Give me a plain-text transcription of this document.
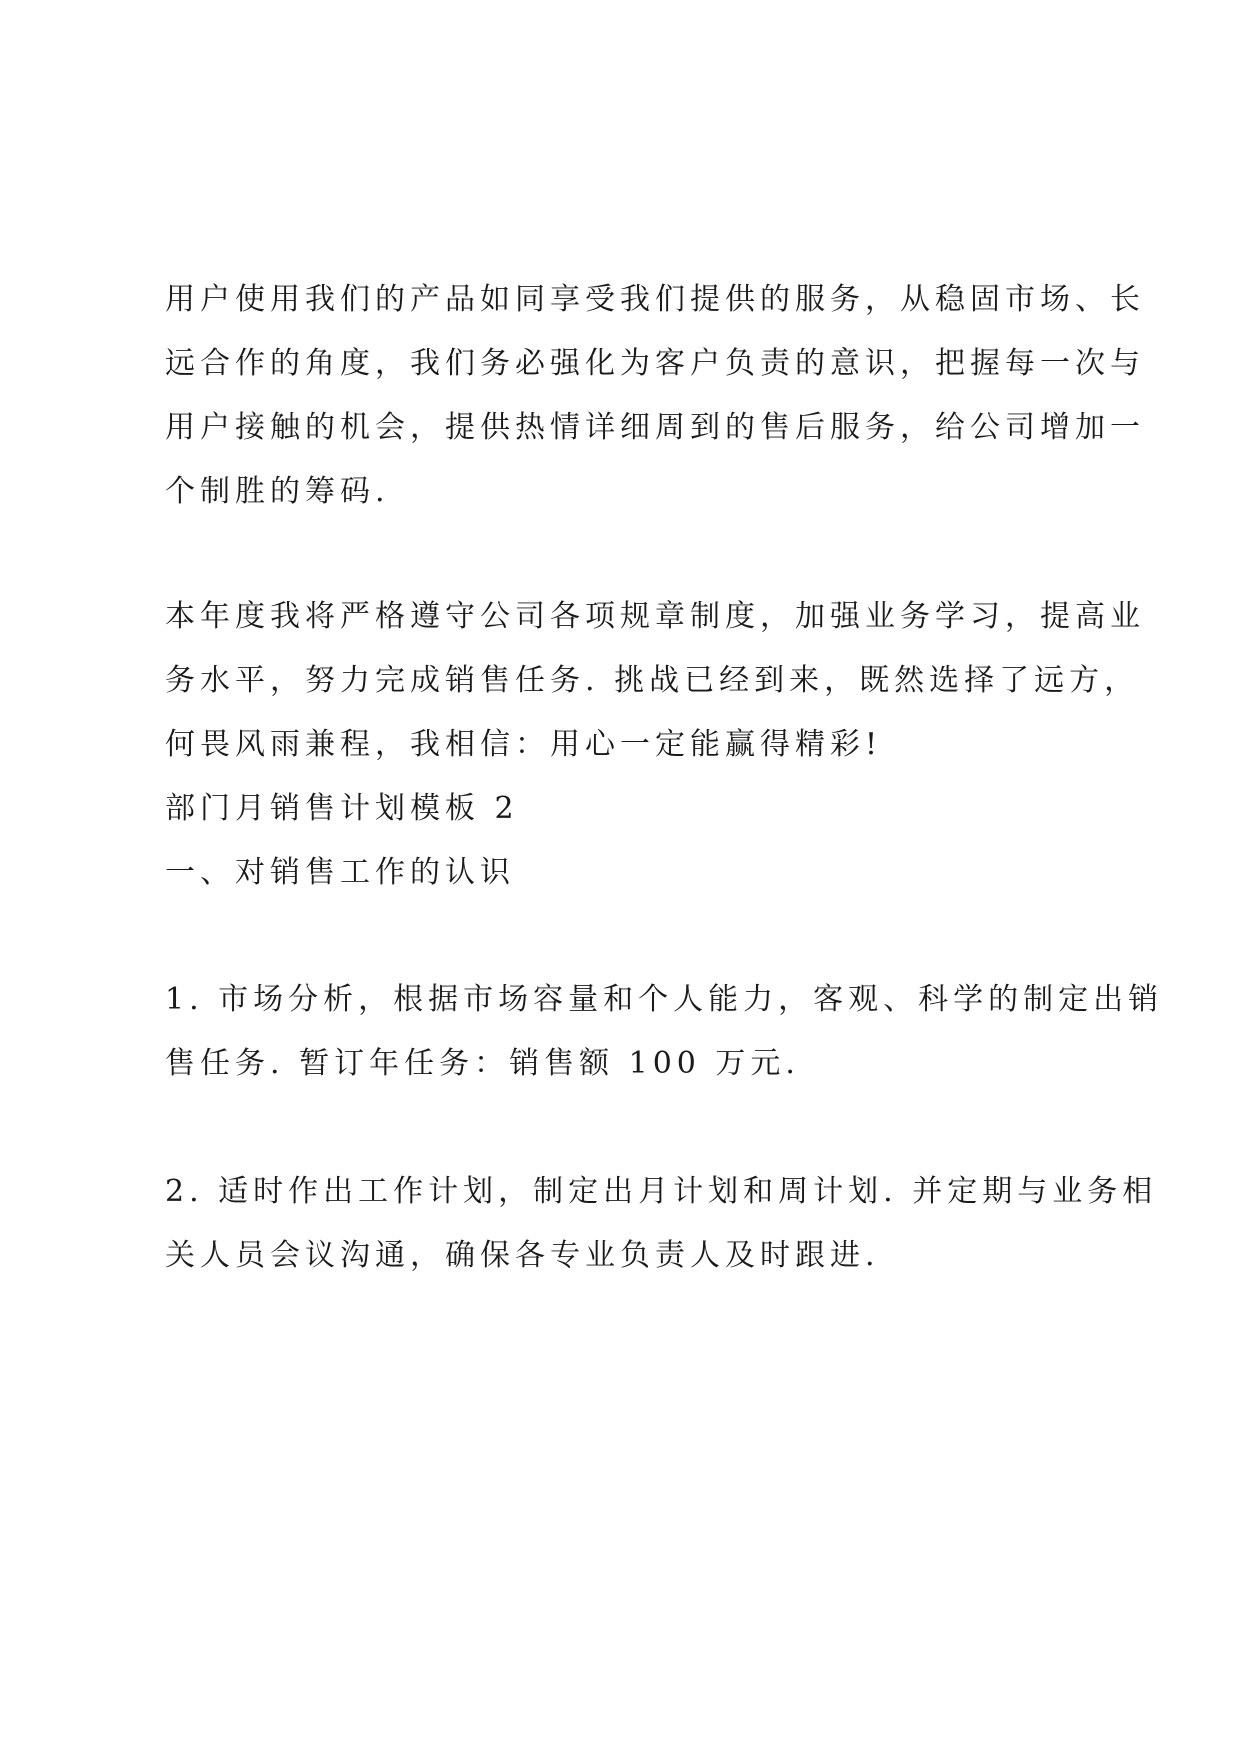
用户使用我们的产品如同享受我们提供的服务，从稳固市场、长
远合作的角度，我们务必强化为客户负责的意识，把握每一次与
用户接触的机会，提供热情详细周到的售后服务，给公司增加一
个制胜的筹码.

本年度我将严格遵守公司各项规章制度，加强业务学习，提高业
务水平，努力完成销售任务. 挑战已经到来，既然选择了远方，
何畏风雨兼程，我相信：用心一定能赢得精彩!

部门月销售计划模板 2

一、对销售工作的认识

1. 市场分析，根据市场容量和个人能力，客观、科学的制定出销
售任务. 暂订年任务：销售额 100 万元.

2. 适时作出工作计划，制定出月计划和周计划. 并定期与业务相
关人员会议沟通，确保各专业负责人及时跟进.
